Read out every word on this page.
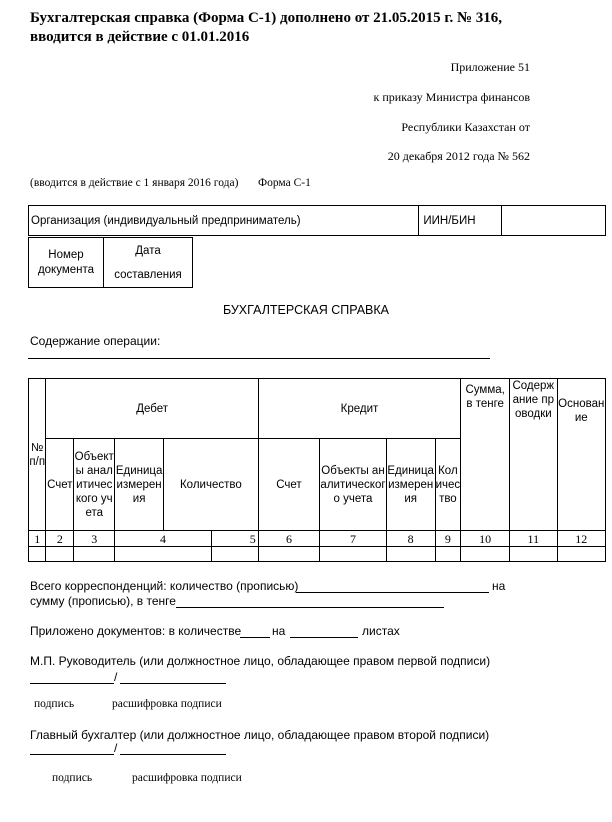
Бухгалтерская справка (Форма С-1) дополнено от 21.05.2015 г. № 316,
вводится в действие с 01.01.2016
Приложение 51
к приказу Министра финансов
Республики Казахстан от
20 декабря 2012 года № 562
(вводится в действие с 1 января 2016 года) Форма С-1
Организация (индивидуальный предприниматель)	ИИН/БИН	
Номер документа	Дата составления
БУХГАЛТЕРСКАЯ СПРАВКА
Содержание операции:
№ п/п	Дебет					Кредит				Сумма, в тенге	Содержание проводки	Основание
	Счет	Объекты аналитического учета	Единица измерения	Количество		Счет	Объекты аналитического учета	Единица измерения	Количество			
1	2	3	4		5	6	7	8	9	10	11	12

Всего корреспонденций: количество (прописью)	на
сумму (прописью), в тенге
Приложено документов: в количестве	на	листах
М.П. Руководитель (или должностное лицо, обладающее правом первой подписи)
/
подпись	расшифровка подписи
Главный бухгалтер (или должностное лицо, обладающее правом второй подписи)
/
подпись	расшифровка подписи
